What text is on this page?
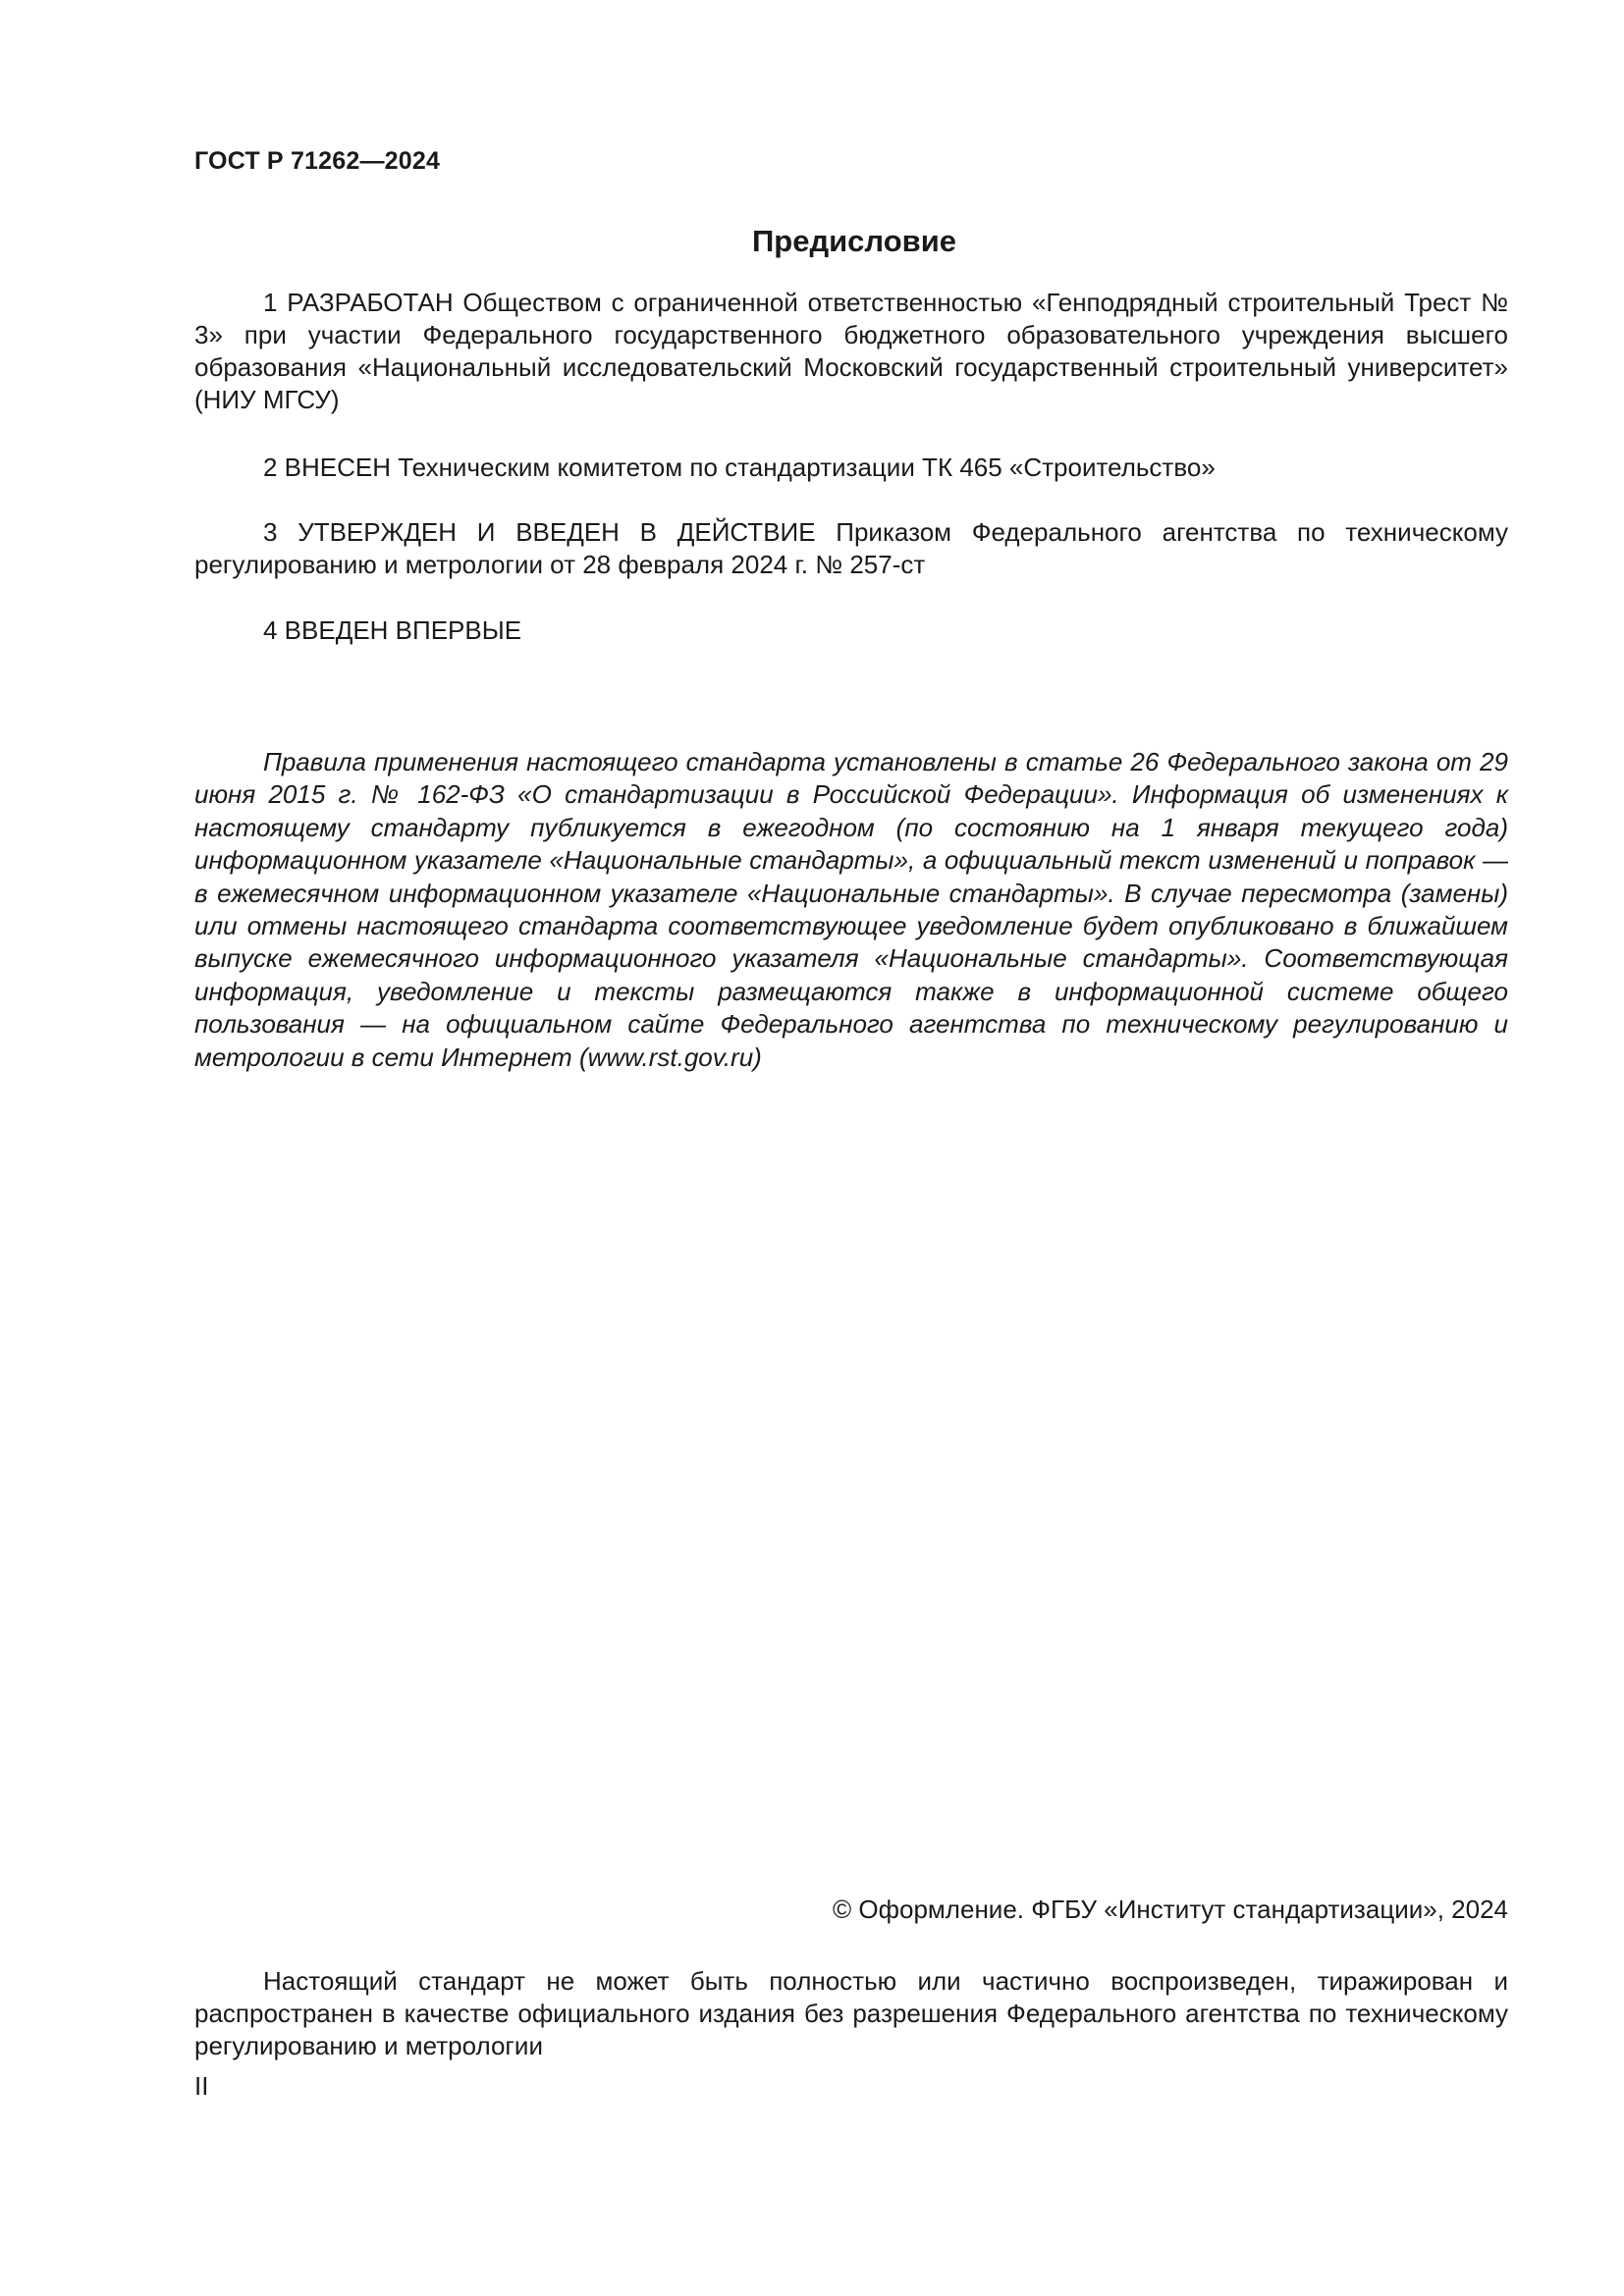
ГОСТ Р 71262—2024
Предисловие

1 РАЗРАБОТАН Обществом с ограниченной ответственностью «Генподрядный строительный Трест № 3» при участии Федерального государственного бюджетного образовательного учреждения высшего образования «Национальный исследовательский Московский государственный строительный университет» (НИУ МГСУ)

2 ВНЕСЕН Техническим комитетом по стандартизации ТК 465 «Строительство»

3 УТВЕРЖДЕН И ВВЕДЕН В ДЕЙСТВИЕ Приказом Федерального агентства по техническому регулированию и метрологии от 28 февраля 2024 г. № 257-ст

4 ВВЕДЕН ВПЕРВЫЕ

Правила применения настоящего стандарта установлены в статье 26 Федерального закона от 29 июня 2015 г. № 162-ФЗ «О стандартизации в Российской Федерации». Информация об изменениях к настоящему стандарту публикуется в ежегодном (по состоянию на 1 января текущего года) информационном указателе «Национальные стандарты», а официальный текст изменений и поправок — в ежемесячном информационном указателе «Национальные стандарты». В случае пересмотра (замены) или отмены настоящего стандарта соответствующее уведомление будет опубликовано в ближайшем выпуске ежемесячного информационного указателя «Национальные стандарты». Соответствующая информация, уведомление и тексты размещаются также в информационной системе общего пользования — на официальном сайте Федерального агентства по техническому регулированию и метрологии в сети Интернет (www.rst.gov.ru)

© Оформление. ФГБУ «Институт стандартизации», 2024

Настоящий стандарт не может быть полностью или частично воспроизведен, тиражирован и распространен в качестве официального издания без разрешения Федерального агентства по техническому регулированию и метрологии

II
